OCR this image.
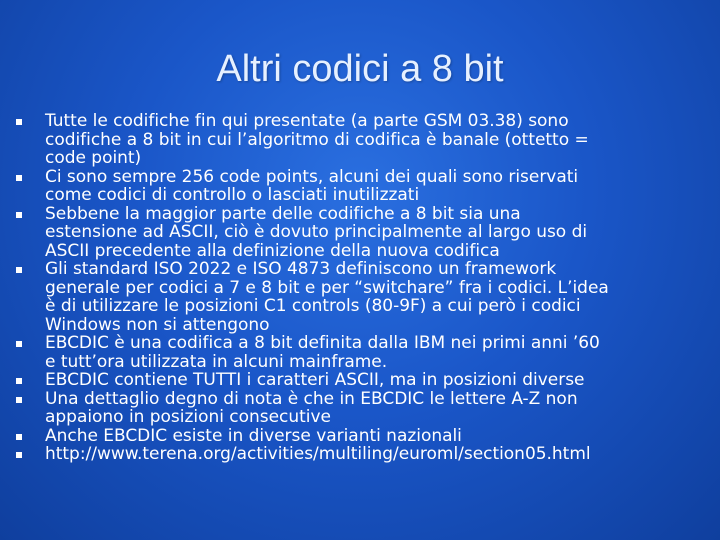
Altri codici a 8 bit
Tutte le codifiche fin qui presentate (a parte GSM 03.38) sono
codifiche a 8 bit in cui l’algoritmo di codifica è banale (ottetto =
code point)
Ci sono sempre 256 code points, alcuni dei quali sono riservati
come codici di controllo o lasciati inutilizzati
Sebbene la maggior parte delle codifiche a 8 bit sia una
estensione ad ASCII, ciò è dovuto principalmente al largo uso di
ASCII precedente alla definizione della nuova codifica
Gli standard ISO 2022 e ISO 4873 definiscono un framework
generale per codici a 7 e 8 bit e per “switchare” fra i codici. L’idea
è di utilizzare le posizioni C1 controls (80-9F) a cui però i codici
Windows non si attengono
EBCDIC è una codifica a 8 bit definita dalla IBM nei primi anni ’60
e tutt’ora utilizzata in alcuni mainframe.
EBCDIC contiene TUTTI i caratteri ASCII, ma in posizioni diverse
Una dettaglio degno di nota è che in EBCDIC le lettere A-Z non
appaiono in posizioni consecutive
Anche EBCDIC esiste in diverse varianti nazionali
http://www.terena.org/activities/multiling/euroml/section05.html
